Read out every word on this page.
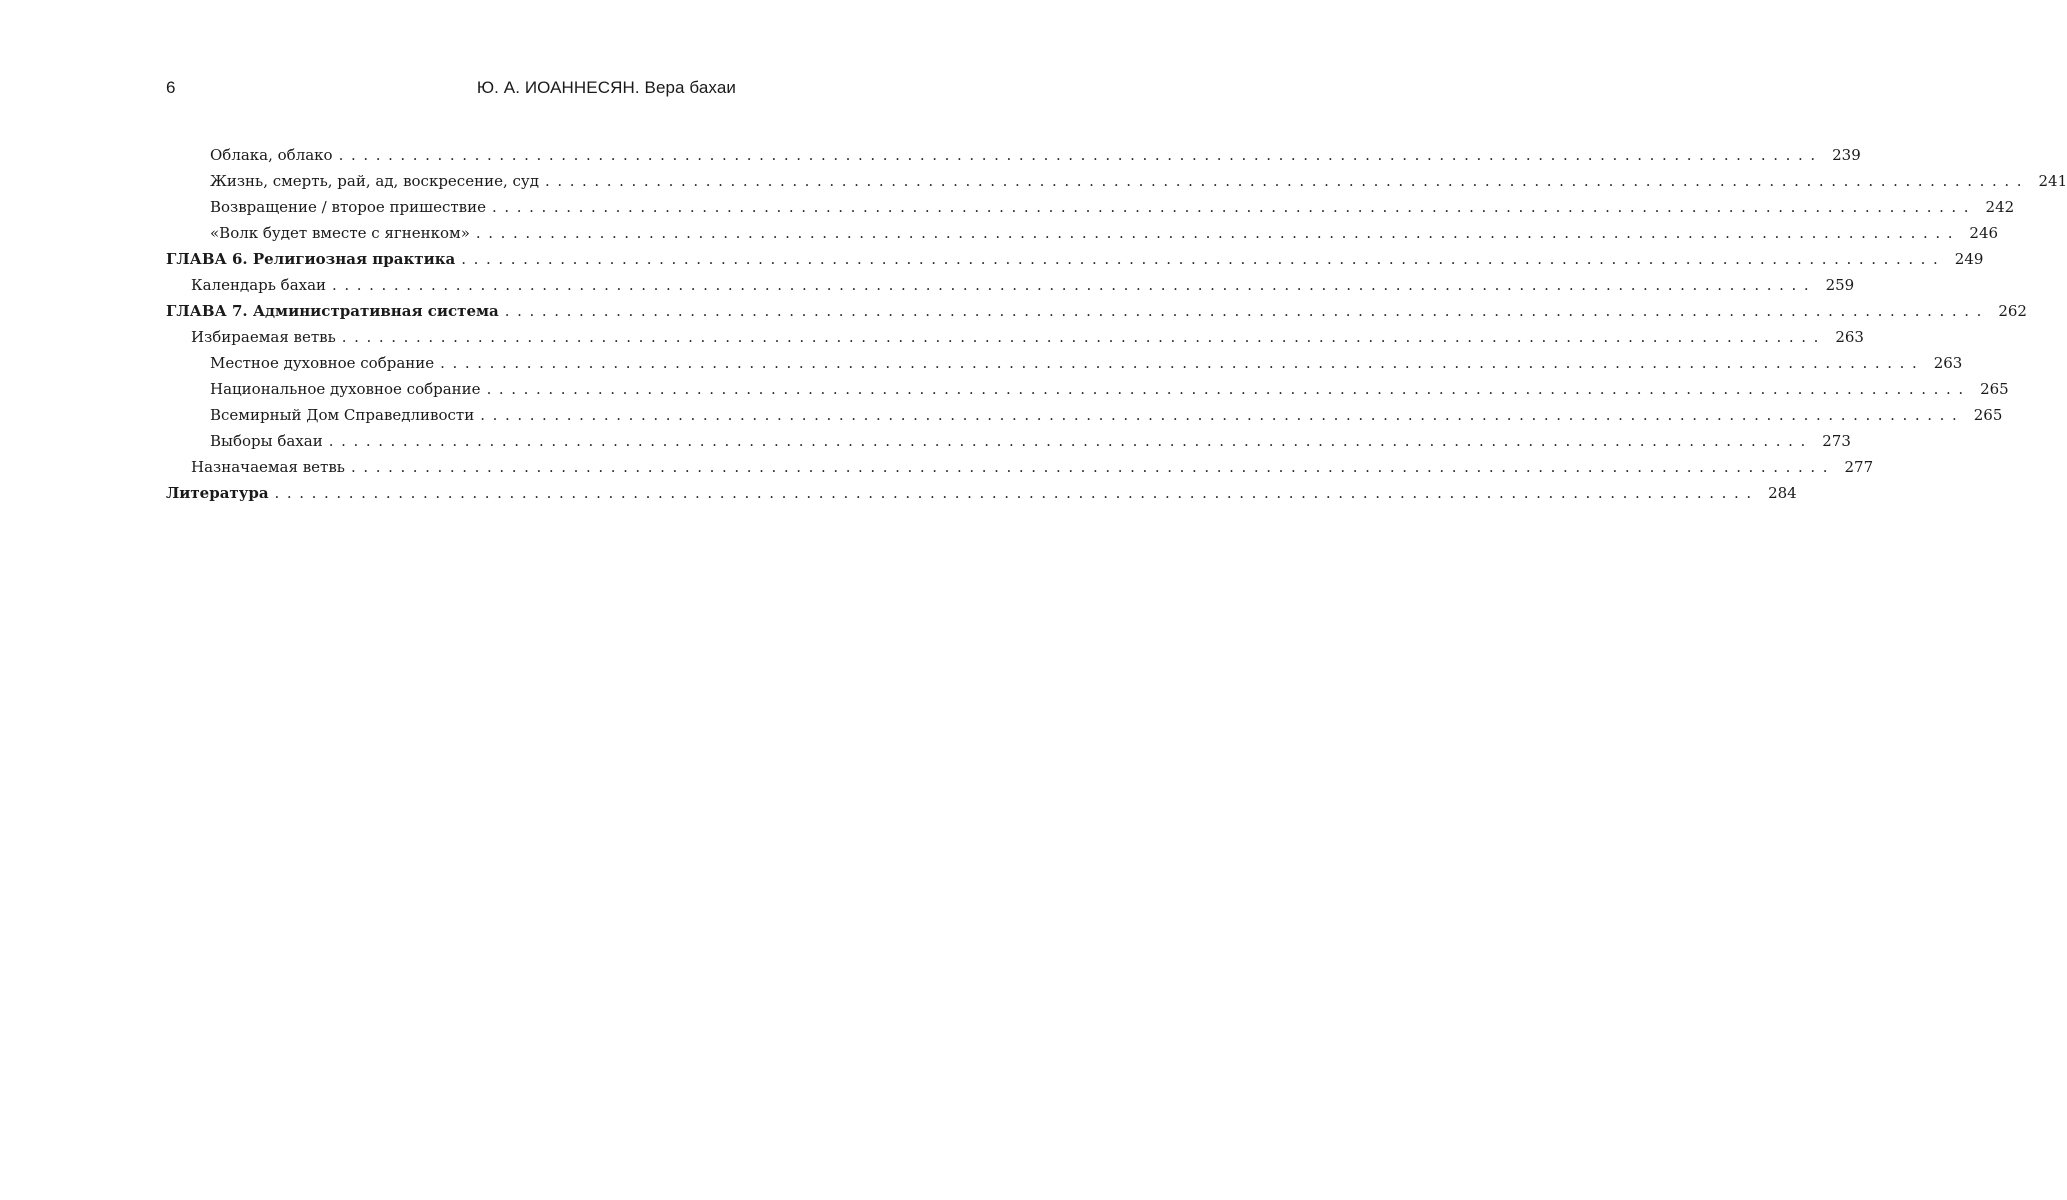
6	Ю. А. ИОАННЕСЯН. Вера бахаи
Облака, облако ........................................................................................................................ 239
Жизнь, смерть, рай, ад, воскресение, суд ........................................................................................................................ 241
Возвращение / второе пришествие ........................................................................................................................ 242
«Волк будет вместе с ягненком» ........................................................................................................................ 246
ГЛАВА 6. Религиозная практика ........................................................................................................................ 249
Календарь бахаи ........................................................................................................................ 259
ГЛАВА 7. Административная система ........................................................................................................................ 262
Избираемая ветвь ........................................................................................................................ 263
Местное духовное собрание ........................................................................................................................ 263
Национальное духовное собрание ........................................................................................................................ 265
Всемирный Дом Справедливости ........................................................................................................................ 265
Выборы бахаи ........................................................................................................................ 273
Назначаемая ветвь ........................................................................................................................ 277
Литература ........................................................................................................................ 284
